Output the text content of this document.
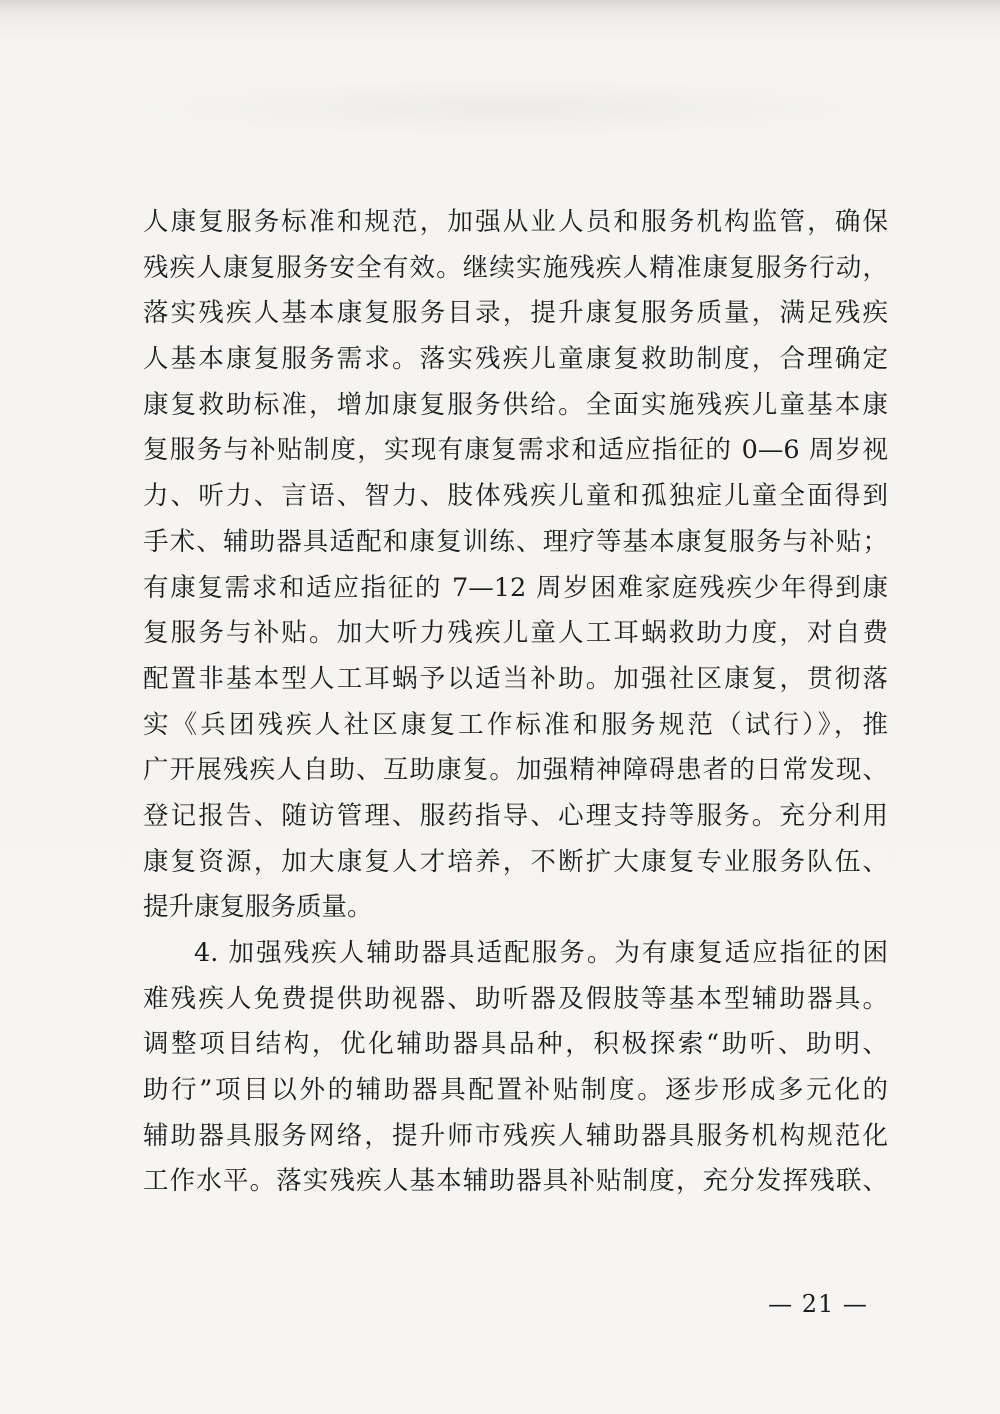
人康复服务标准和规范，加强从业人员和服务机构监管，确保
残疾人康复服务安全有效。继续实施残疾人精准康复服务行动，
落实残疾人基本康复服务目录，提升康复服务质量，满足残疾
人基本康复服务需求。落实残疾儿童康复救助制度，合理确定
康复救助标准，增加康复服务供给。全面实施残疾儿童基本康
复服务与补贴制度，实现有康复需求和适应指征的 0—6 周岁视
力、听力、言语、智力、肢体残疾儿童和孤独症儿童全面得到
手术、辅助器具适配和康复训练、理疗等基本康复服务与补贴；
有康复需求和适应指征的 7—12 周岁困难家庭残疾少年得到康
复服务与补贴。加大听力残疾儿童人工耳蜗救助力度，对自费
配置非基本型人工耳蜗予以适当补助。加强社区康复，贯彻落
实《兵团残疾人社区康复工作标准和服务规范（试行）》，推
广开展残疾人自助、互助康复。加强精神障碍患者的日常发现、
登记报告、随访管理、服药指导、心理支持等服务。充分利用
康复资源，加大康复人才培养，不断扩大康复专业服务队伍、
提升康复服务质量。
4. 加强残疾人辅助器具适配服务。为有康复适应指征的困
难残疾人免费提供助视器、助听器及假肢等基本型辅助器具。
调整项目结构，优化辅助器具品种，积极探索“助听、助明、
助行”项目以外的辅助器具配置补贴制度。逐步形成多元化的
辅助器具服务网络，提升师市残疾人辅助器具服务机构规范化
工作水平。落实残疾人基本辅助器具补贴制度，充分发挥残联、
— 21 —
